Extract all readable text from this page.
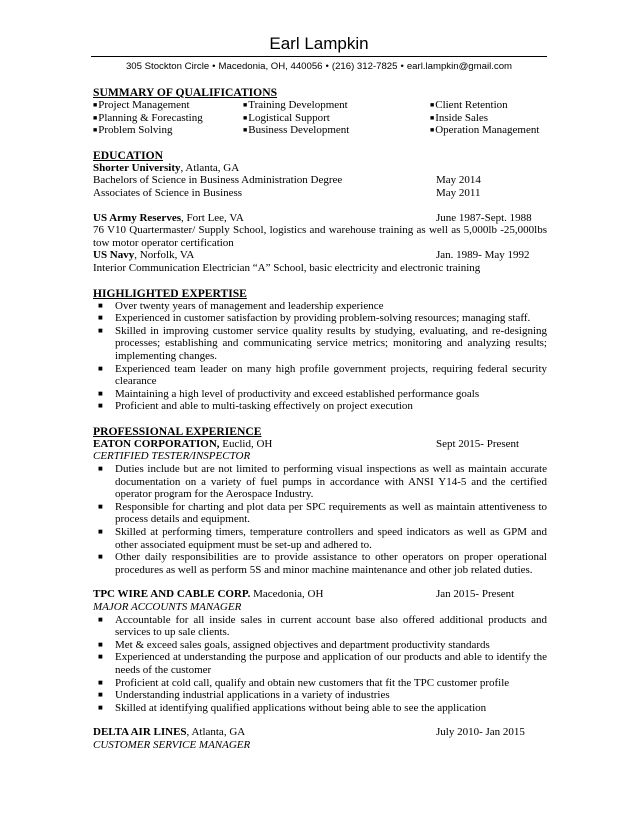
Earl Lampkin
305 Stockton Circle • Macedonia, OH, 440056 • (216) 312-7825 • earl.lampkin@gmail.com
SUMMARY OF QUALIFICATIONS
■Project Management	■Training Development	■Client Retention
■Planning & Forecasting	■Logistical Support	■Inside Sales
■Problem Solving	■Business Development	■Operation Management
EDUCATION
Shorter University, Atlanta, GA
Bachelors of Science in Business Administration Degree	May 2014
Associates of Science in Business	May 2011
US Army Reserves, Fort Lee, VA	June 1987-Sept. 1988
76 V10 Quartermaster/ Supply School, logistics and warehouse training as well as 5,000lb -25,000lbs tow motor operator certification
US Navy, Norfolk, VA	Jan. 1989- May 1992
Interior Communication Electrician “A” School, basic electricity and electronic training
HIGHLIGHTED EXPERTISE
■ Over twenty years of management and leadership experience
■ Experienced in customer satisfaction by providing problem-solving resources; managing staff.
■ Skilled in improving customer service quality results by studying, evaluating, and re-designing processes; establishing and communicating service metrics; monitoring and analyzing results; implementing changes.
■ Experienced team leader on many high profile government projects, requiring federal security clearance
■ Maintaining a high level of productivity and exceed established performance goals
■ Proficient and able to multi-tasking effectively on project execution
PROFESSIONAL EXPERIENCE
EATON CORPORATION, Euclid, OH	Sept 2015- Present
CERTIFIED TESTER/INSPECTOR
■ Duties include but are not limited to performing visual inspections as well as maintain accurate documentation on a variety of fuel pumps in accordance with ANSI Y14-5 and the certified operator program for the Aerospace Industry.
■ Responsible for charting and plot data per SPC requirements as well as maintain attentiveness to process details and equipment.
■ Skilled at performing timers, temperature controllers and speed indicators as well as GPM and other associated equipment must be set-up and adhered to.
■ Other daily responsibilities are to provide assistance to other operators on proper operational procedures as well as perform 5S and minor machine maintenance and other job related duties.
TPC WIRE AND CABLE CORP. Macedonia, OH	Jan 2015- Present
MAJOR ACCOUNTS MANAGER
■ Accountable for all inside sales in current account base also offered additional products and services to up sale clients.
■ Met & exceed sales goals, assigned objectives and department productivity standards
■ Experienced at understanding the purpose and application of our products and able to identify the needs of the customer
■ Proficient at cold call, qualify and obtain new customers that fit the TPC customer profile
■ Understanding industrial applications in a variety of industries
■ Skilled at identifying qualified applications without being able to see the application
DELTA AIR LINES, Atlanta, GA	July 2010- Jan 2015
CUSTOMER SERVICE MANAGER
